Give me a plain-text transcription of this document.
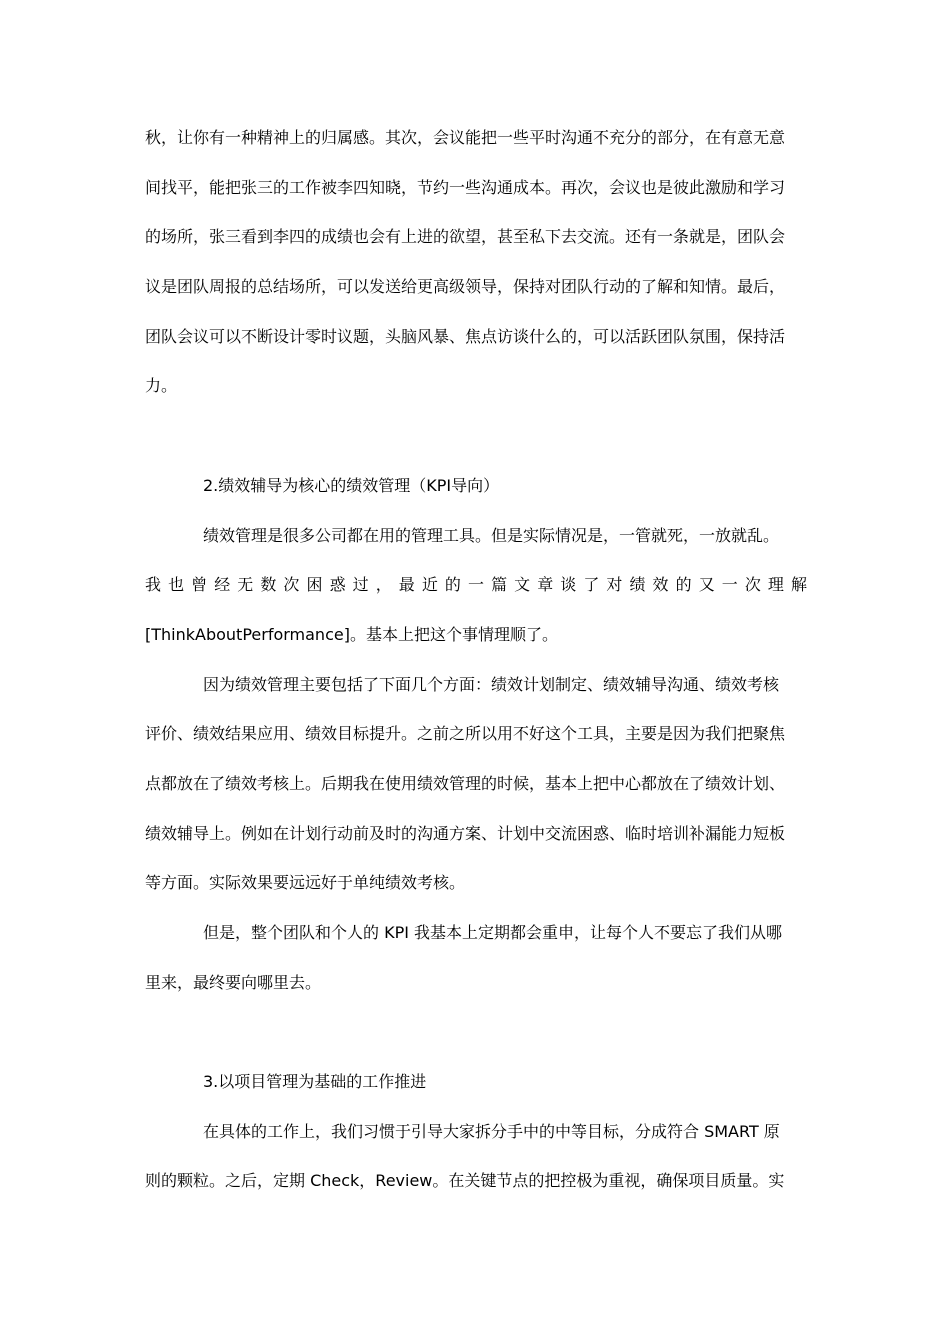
秋，让你有一种精神上的归属感。其次，会议能把一些平时沟通不充分的部分，在有意无意
间找平，能把张三的工作被李四知晓，节约一些沟通成本。再次，会议也是彼此激励和学习
的场所，张三看到李四的成绩也会有上进的欲望，甚至私下去交流。还有一条就是，团队会
议是团队周报的总结场所，可以发送给更高级领导，保持对团队行动的了解和知情。最后，
团队会议可以不断设计零时议题，头脑风暴、焦点访谈什么的，可以活跃团队氛围，保持活
力。
2.绩效辅导为核心的绩效管理（KPI导向）
绩效管理是很多公司都在用的管理工具。但是实际情况是，一管就死，一放就乱。
我也曾经无数次困惑过，最近的一篇文章谈了对绩效的又一次理解
[ThinkAboutPerformance]。基本上把这个事情理顺了。
因为绩效管理主要包括了下面几个方面：绩效计划制定、绩效辅导沟通、绩效考核
评价、绩效结果应用、绩效目标提升。之前之所以用不好这个工具，主要是因为我们把聚焦
点都放在了绩效考核上。后期我在使用绩效管理的时候，基本上把中心都放在了绩效计划、
绩效辅导上。例如在计划行动前及时的沟通方案、计划中交流困惑、临时培训补漏能力短板
等方面。实际效果要远远好于单纯绩效考核。
但是，整个团队和个人的 KPI 我基本上定期都会重申，让每个人不要忘了我们从哪
里来，最终要向哪里去。
3.以项目管理为基础的工作推进
在具体的工作上，我们习惯于引导大家拆分手中的中等目标，分成符合 SMART 原
则的颗粒。之后，定期 Check，Review。在关键节点的把控极为重视，确保项目质量。实
